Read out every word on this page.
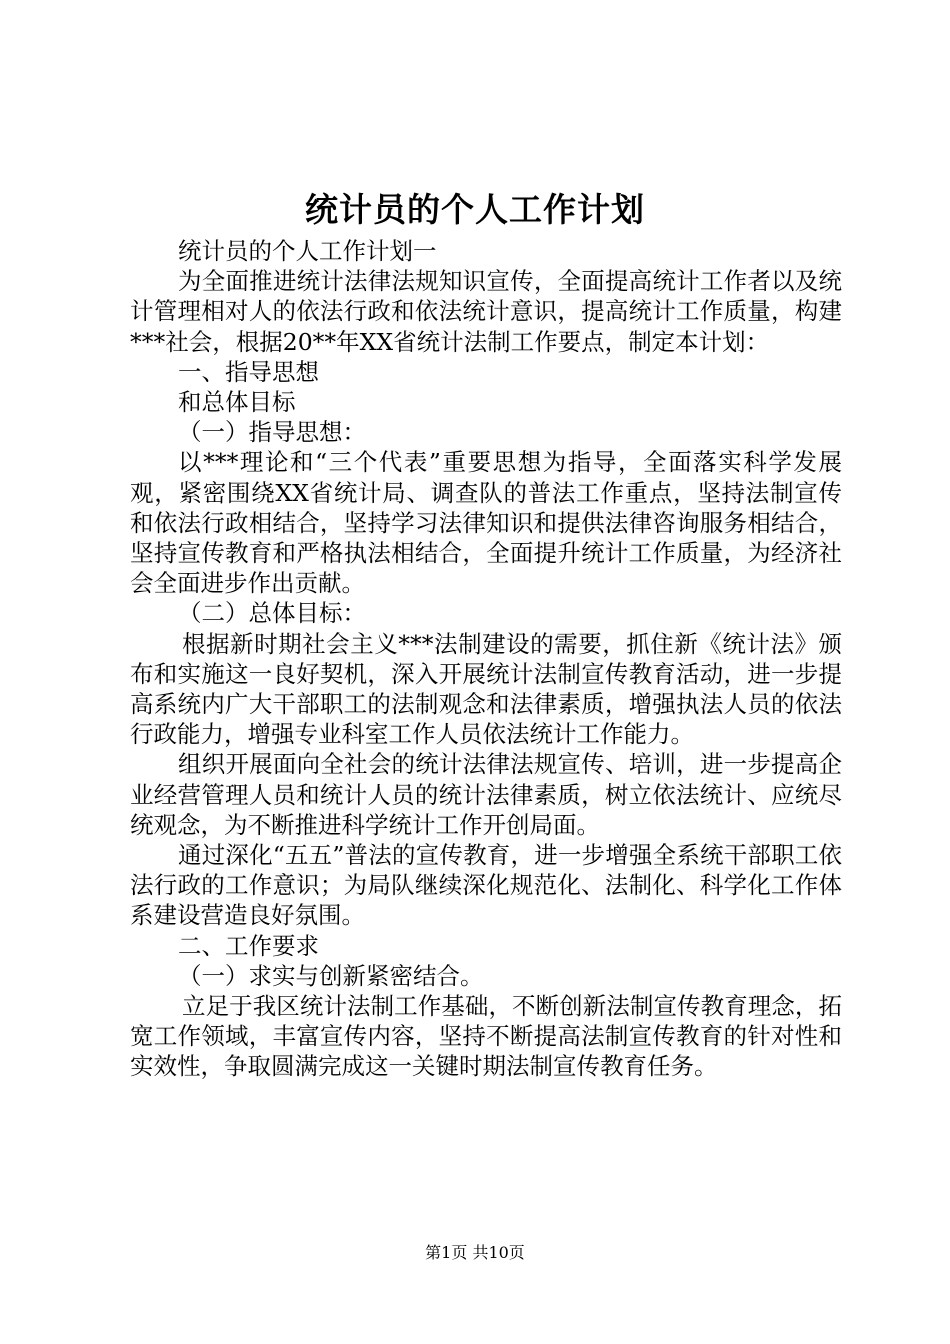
统计员的个人工作计划

统计员的个人工作计划一

为全面推进统计法律法规知识宣传，全面提高统计工作者以及统计管理相对人的依法行政和依法统计意识，提高统计工作质量，构建***社会，根据20**年XX省统计法制工作要点，制定本计划：

一、指导思想

和总体目标

（一）指导思想：

以***理论和“三个代表”重要思想为指导，全面落实科学发展观，紧密围绕XX省统计局、调查队的普法工作重点，坚持法制宣传和依法行政相结合，坚持学习法律知识和提供法律咨询服务相结合，坚持宣传教育和严格执法相结合，全面提升统计工作质量，为经济社会全面进步作出贡献。

（二）总体目标：

根据新时期社会主义***法制建设的需要，抓住新《统计法》颁布和实施这一良好契机，深入开展统计法制宣传教育活动，进一步提高系统内广大干部职工的法制观念和法律素质，增强执法人员的依法行政能力，增强专业科室工作人员依法统计工作能力。

组织开展面向全社会的统计法律法规宣传、培训，进一步提高企业经营管理人员和统计人员的统计法律素质，树立依法统计、应统尽统观念，为不断推进科学统计工作开创局面。

通过深化“五五”普法的宣传教育，进一步增强全系统干部职工依法行政的工作意识；为局队继续深化规范化、法制化、科学化工作体系建设营造良好氛围。

二、工作要求

（一）求实与创新紧密结合。

立足于我区统计法制工作基础，不断创新法制宣传教育理念，拓宽工作领域，丰富宣传内容，坚持不断提高法制宣传教育的针对性和实效性，争取圆满完成这一关键时期法制宣传教育任务。

第1页 共10页
